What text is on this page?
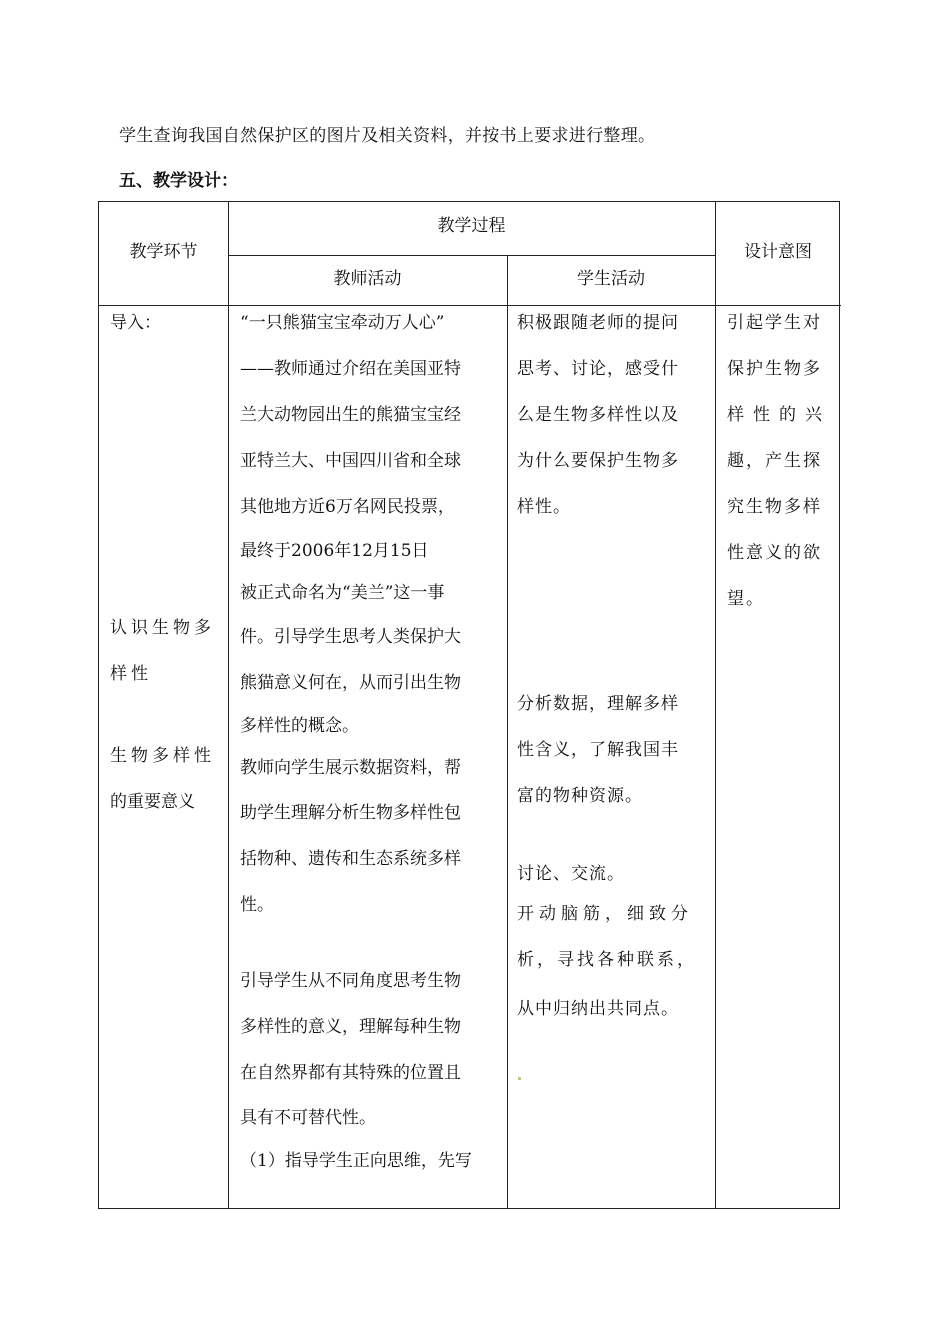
学生查询我国自然保护区的图片及相关资料，并按书上要求进行整理。
五、教学设计：
教学环节
教学过程
教师活动	学生活动
设计意图

导入：

认识生物多

样性

生物多样性

的重要意义

“一只熊猫宝宝牵动万人心”

——教师通过介绍在美国亚特

兰大动物园出生的熊猫宝宝经

亚特兰大、中国四川省和全球

其他地方近6万名网民投票，

最终于2006年12月15日

被正式命名为“美兰”这一事

件。引导学生思考人类保护大

熊猫意义何在，从而引出生物

多样性的概念。

教师向学生展示数据资料，帮

助学生理解分析生物多样性包

括物种、遗传和生态系统多样

性。

引导学生从不同角度思考生物

多样性的意义，理解每种生物

在自然界都有其特殊的位置且

具有不可替代性。

（1）指导学生正向思维，先写

积极跟随老师的提问

思考、讨论，感受什

么是生物多样性以及

为什么要保护生物多

样性。

分析数据，理解多样

性含义，了解我国丰

富的物种资源。

讨论、交流。

开动脑筋，细致分

析，寻找各种联系，

从中归纳出共同点。

引起学生对

保护生物多

样性的兴

趣，产生探

究生物多样

性意义的欲

望。
